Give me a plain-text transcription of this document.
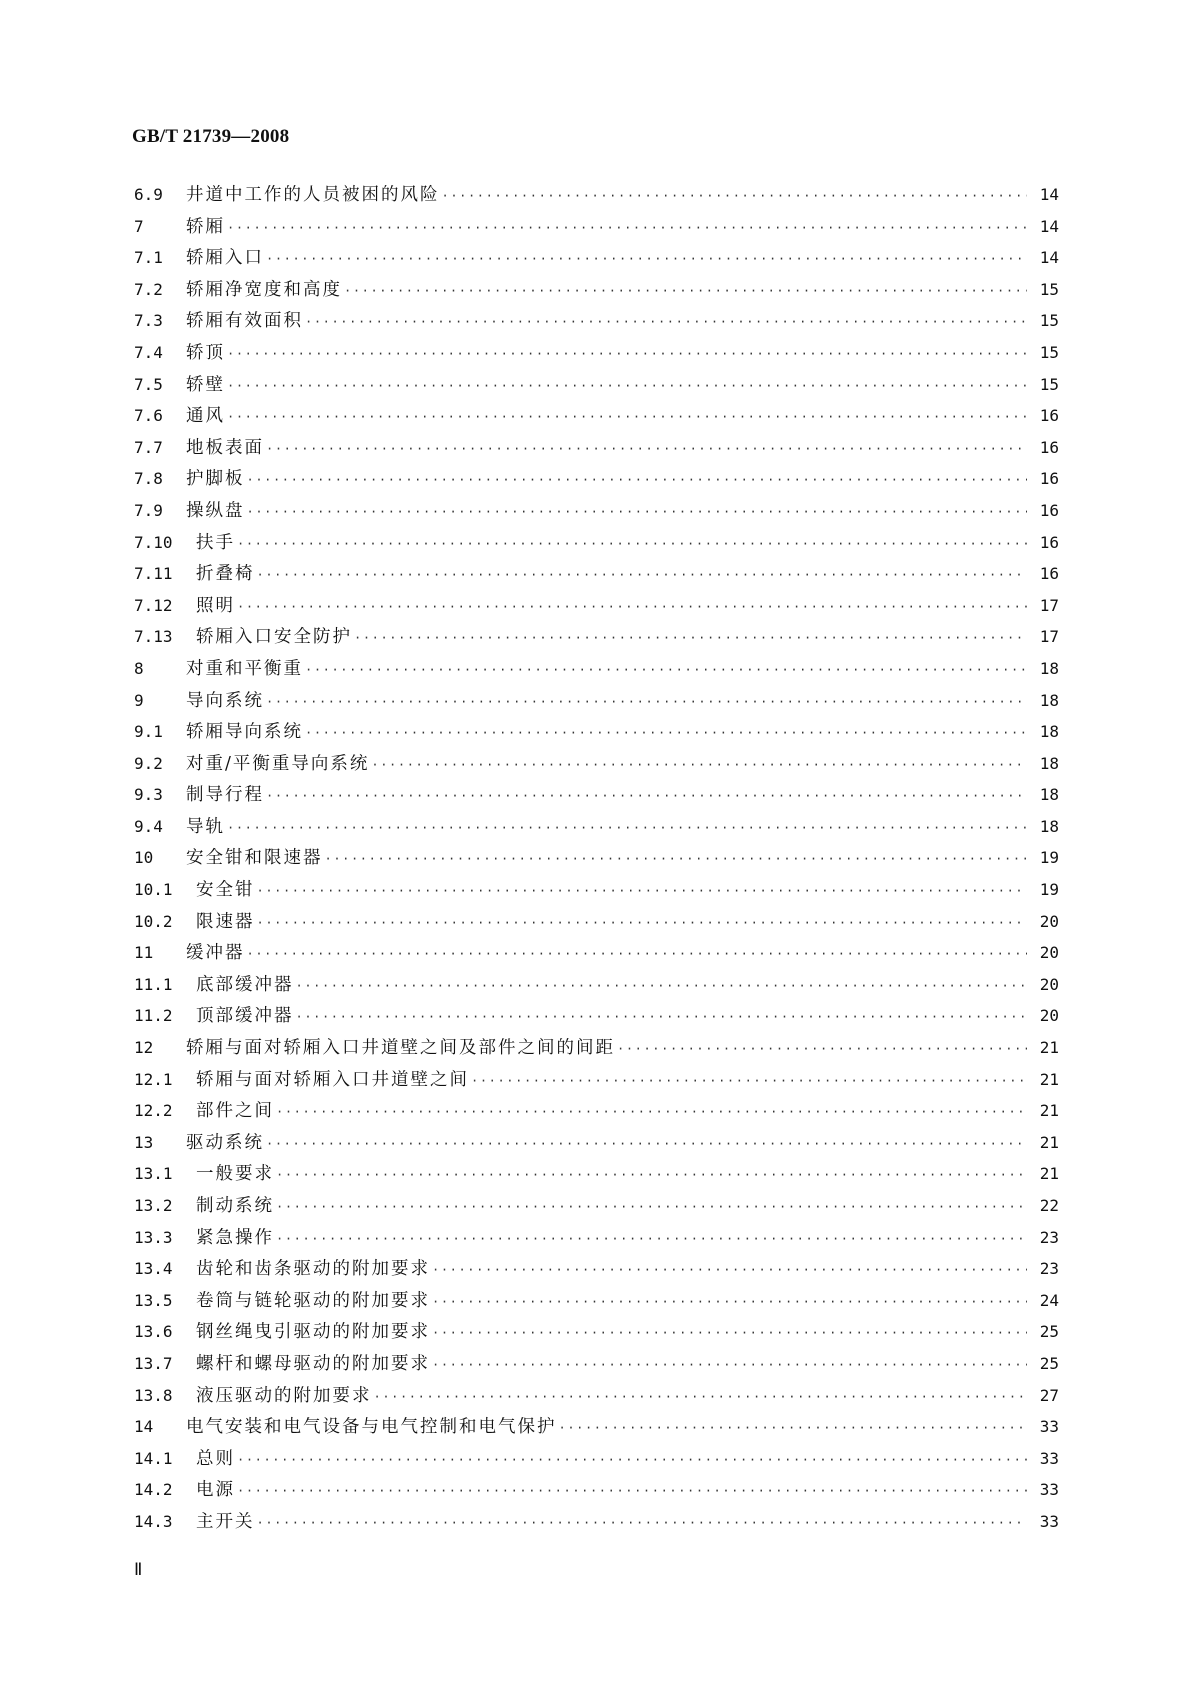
GB/T 21739—2008
6.9	井道中工作的人员被困的风险 ·····	14
7	轿厢 ·····	14
7.1	轿厢入口 ·····	14
7.2	轿厢净宽度和高度 ·····	15
7.3	轿厢有效面积 ·····	15
7.4	轿顶 ·····	15
7.5	轿壁 ·····	15
7.6	通风 ·····	16
7.7	地板表面 ·····	16
7.8	护脚板 ·····	16
7.9	操纵盘 ·····	16
7.10	扶手 ·····	16
7.11	折叠椅 ·····	16
7.12	照明 ·····	17
7.13	轿厢入口安全防护 ·····	17
8	对重和平衡重 ·····	18
9	导向系统 ·····	18
9.1	轿厢导向系统 ·····	18
9.2	对重/平衡重导向系统 ·····	18
9.3	制导行程 ·····	18
9.4	导轨 ·····	18
10	安全钳和限速器 ·····	19
10.1	安全钳 ·····	19
10.2	限速器 ·····	20
11	缓冲器 ·····	20
11.1	底部缓冲器 ·····	20
11.2	顶部缓冲器 ·····	20
12	轿厢与面对轿厢入口井道壁之间及部件之间的间距 ·····	21
12.1	轿厢与面对轿厢入口井道壁之间 ·····	21
12.2	部件之间 ·····	21
13	驱动系统 ·····	21
13.1	一般要求 ·····	21
13.2	制动系统 ·····	22
13.3	紧急操作 ·····	23
13.4	齿轮和齿条驱动的附加要求 ·····	23
13.5	卷筒与链轮驱动的附加要求 ·····	24
13.6	钢丝绳曳引驱动的附加要求 ·····	25
13.7	螺杆和螺母驱动的附加要求 ·····	25
13.8	液压驱动的附加要求 ·····	27
14	电气安装和电气设备与电气控制和电气保护 ·····	33
14.1	总则 ·····	33
14.2	电源 ·····	33
14.3	主开关 ·····	33
Ⅱ
